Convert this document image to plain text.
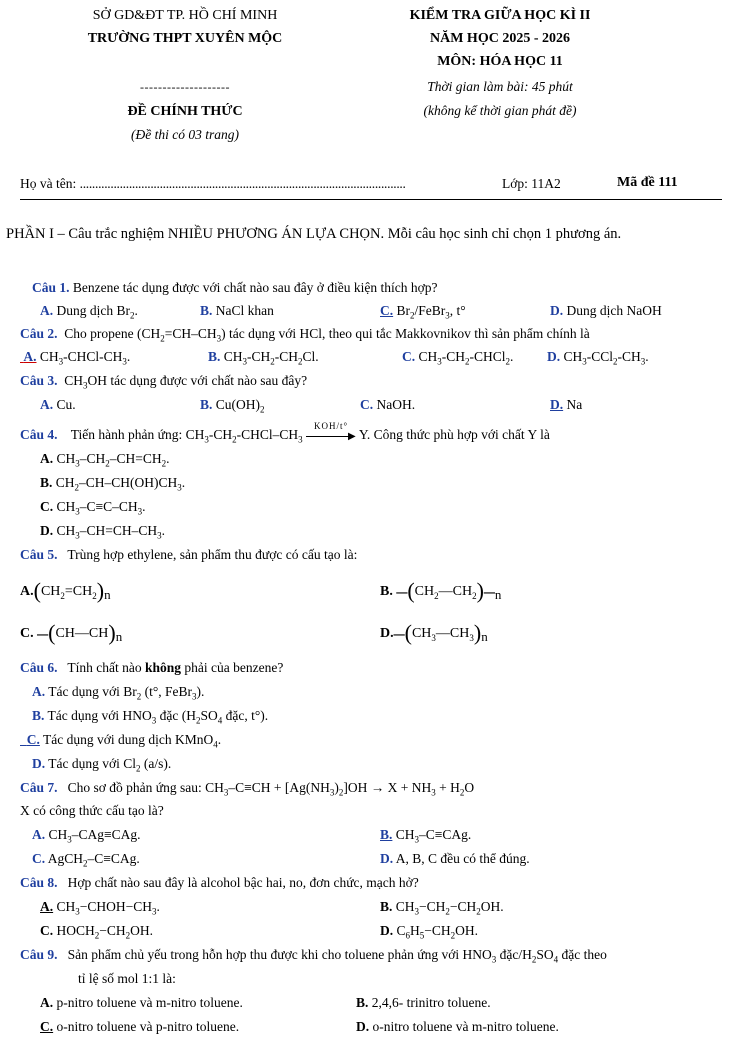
SỞ GD&ĐT TP. HỒ CHÍ MINH
TRƯỜNG THPT XUYÊN MỘC
--------------------
ĐỀ CHÍNH THỨC
(Đề thi có 03 trang)
KIỂM TRA GIỮA HỌC KÌ II
NĂM HỌC 2025 - 2026
MÔN: HÓA HỌC 11
Thời gian làm bài: 45 phút
(không kể thời gian phát đề)
Họ và tên: ..........................................................................................................	Lớp: 11A2	Mã đề 111
PHẦN I – Câu trắc nghiệm NHIỀU PHƯƠNG ÁN LỰA CHỌN. Mỗi câu học sinh chỉ chọn 1 phương án.
Câu 1. Benzene tác dụng được với chất nào sau đây ở điều kiện thích hợp?
A. Dung dịch $Br_2$.	B. NaCl khan	C. $Br_2/FeBr_3$, t°	D. Dung dịch NaOH
Câu 2. Cho propene $(CH_2=CH-CH_3)$ tác dụng với HCl, theo qui tắc Makkovnikov thì sản phẩm chính là
A. $CH_3-CHCl-CH_3$.	B. $CH_3-CH_2-CH_2Cl$.	C. $CH_3-CH_2-CHCl_2$. D. $CH_3-CCl_2-CH_3$.
Câu 3. $CH_3OH$ tác dụng được với chất nào sau đây?
A. Cu.	B. $Cu(OH)_2$	C. NaOH.	D. Na
Câu 4. Tiến hành phản ứng: $CH_3-CH_2-CHCl-CH_3$
KOH/t°
▶ Y. Công thức phù hợp với chất Y là
A. $CH_3-CH_2-CH=CH_2$.
B. $CH_2-CH-CH(OH)CH_3$.
C. $CH_3-C\equiv C-CH_3$.
D. $CH_3-CH=CH-CH_3$.
Câu 5. Trùng hợp ethylene, sản phẩm thu được có cấu tạo là:
$A.(CH_2=CH_2)_n$	B. $-(CH_2—CH_2)-_n$
C. $-(CH—CH)_n$	$D.-(CH_3—CH_3)_n$
Câu 6. Tính chất nào không phải của benzene?
A. Tác dụng với $Br_2$ (t°, FeBr$_3$).
B. Tác dụng với $HNO_3$ đặc ($H_2SO_4$ đặc, t°).
C. Tác dụng với dung dịch KMnO$_4$.
D. Tác dụng với $Cl_2$ (a/s).
Câu 7. Cho sơ đồ phản ứng sau: $CH_3-C\equiv CH + [Ag(NH_3)_2]OH \to X + NH_3 + H_2O$
X có công thức cấu tạo là?
A. $CH_3-CAg\equiv CAg$.	B. $CH_3-C\equiv CAg$.
C. AgCH$_2$–C≡CAg.	D. A, B, C đều có thể đúng.
Câu 8. Hợp chất nào sau đây là alcohol bậc hai, no, đơn chức, mạch hở?
A. $CH_3-CHOH-CH_3$.	B. $CH_3-CH_2-CH_2OH$.
C. $HOCH_2-CH_2OH$.	D. $C_6H_5-CH_2OH$.
Câu 9. Sản phẩm chủ yếu trong hỗn hợp thu được khi cho toluene phản ứng với $HNO_3$ đặc/$H_2SO_4$ đặc theo
tỉ lệ số mol 1:1 là:
A. p-nitro toluene và m-nitro toluene.	B. 2,4,6- trinitro toluene.
C. o-nitro toluene và p-nitro toluene.	D. o-nitro toluene và m-nitro toluene.
